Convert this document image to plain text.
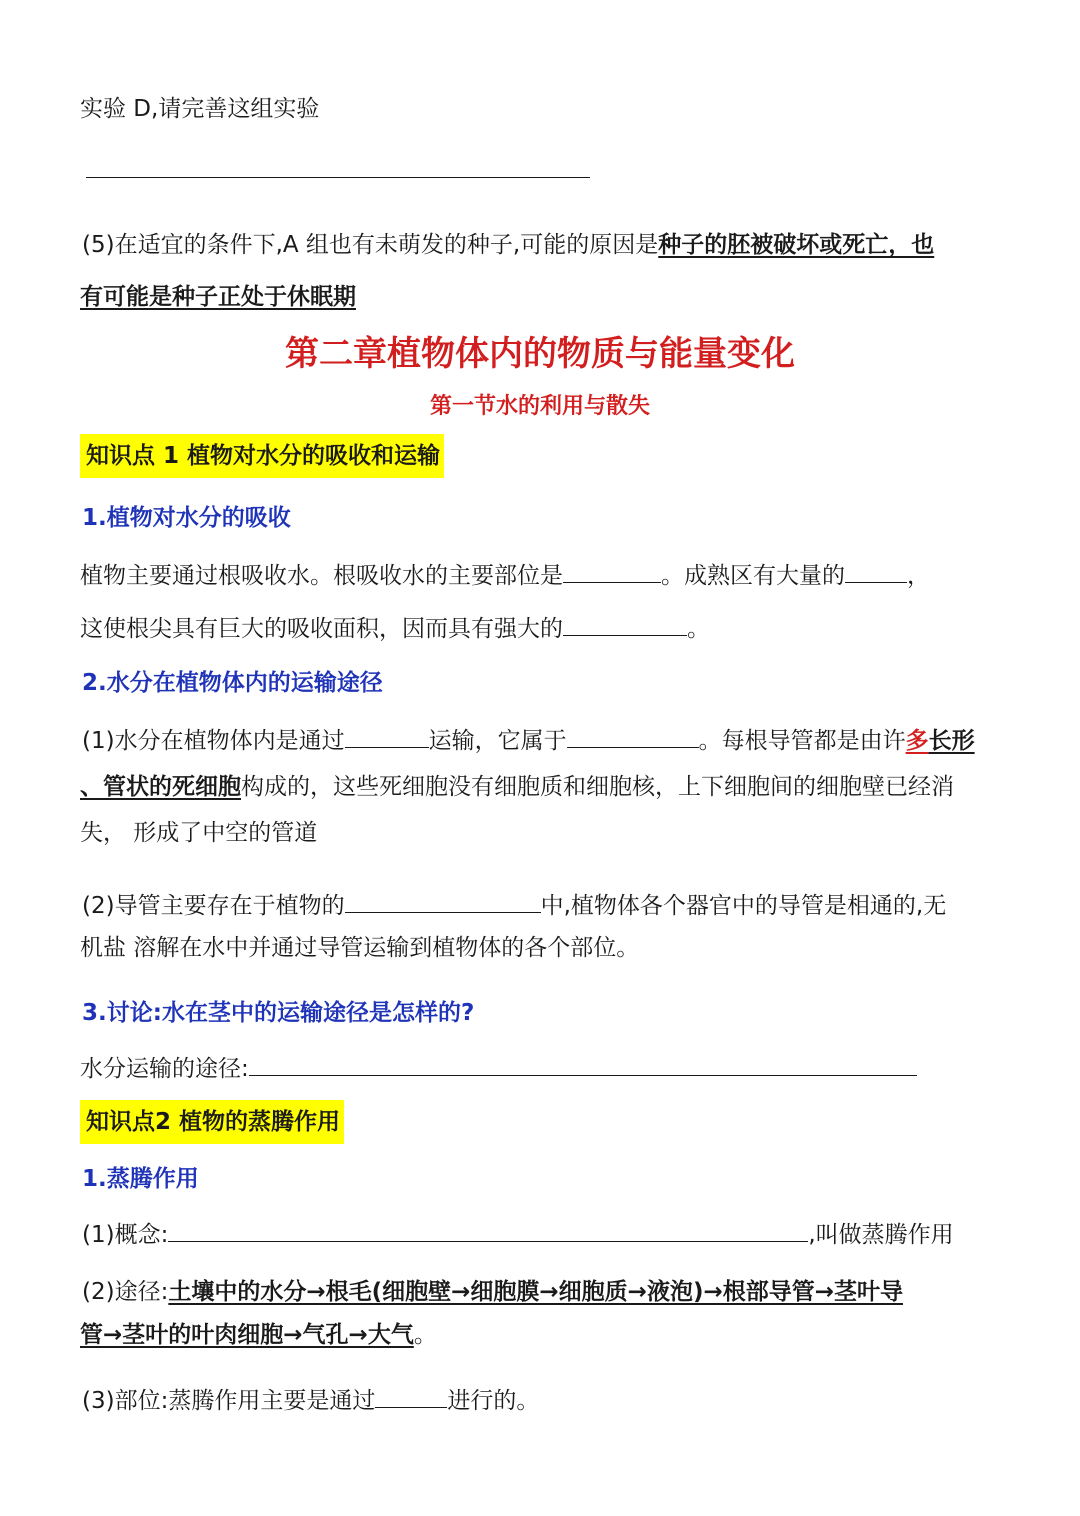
实验 D,请完善这组实验

(5)在适宜的条件下,A 组也有未萌发的种子,可能的原因是种子的胚被破坏或死亡，也

有可能是种子正处于休眠期

第二章植物体内的物质与能量变化

第一节水的利用与散失

知识点 1 植物对水分的吸收和运输

1.植物对水分的吸收

植物主要通过根吸收水。根吸收水的主要部位是	。成熟区有大量的	，

这使根尖具有巨大的吸收面积，因而具有强大的	。

2.水分在植物体内的运输途径

(1)水分在植物体内是通过	运输，它属于	。每根导管都是由许多长形

、管状的死细胞构成的，这些死细胞没有细胞质和细胞核，上下细胞间的细胞壁已经消

失， 形成了中空的管道

(2)导管主要存在于植物的	中,植物体各个器官中的导管是相通的,无

机盐 溶解在水中并通过导管运输到植物体的各个部位。

3.讨论:水在茎中的运输途径是怎样的?

水分运输的途径:

知识点2 植物的蒸腾作用

1.蒸腾作用

(1)概念:	,叫做蒸腾作用

(2)途径:土壤中的水分→根毛(细胞壁→细胞膜→细胞质→液泡)→根部导管→茎叶导

管→茎叶的叶肉细胞→气孔→大气。

(3)部位:蒸腾作用主要是通过	进行的。
